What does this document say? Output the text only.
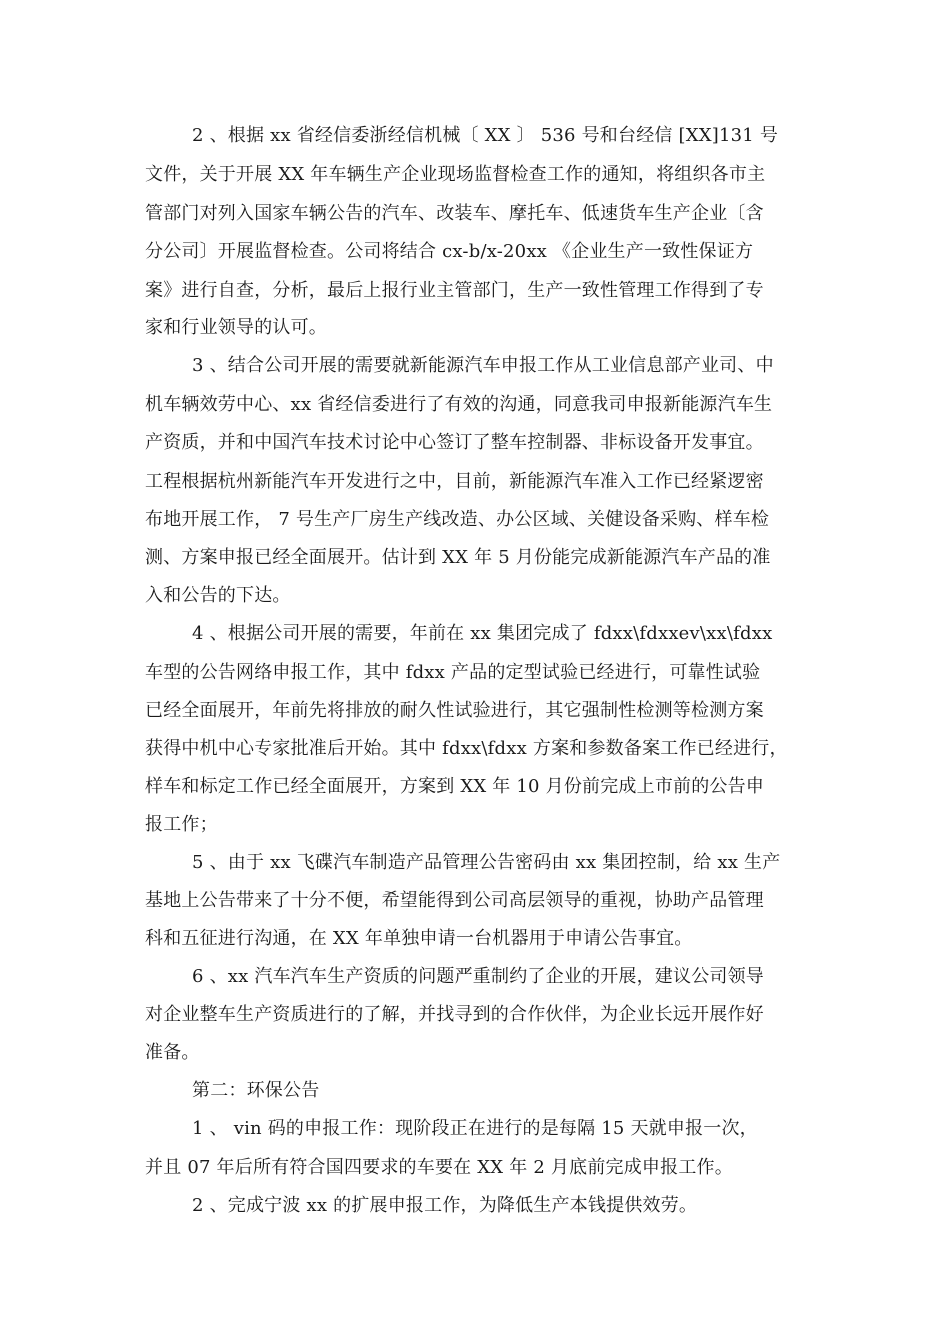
2 、根据 xx 省经信委浙经信机械〔 XX 〕 536 号和台经信 [XX]131 号
文件，关于开展 XX 年车辆生产企业现场监督检查工作的通知，将组织各市主
管部门对列入国家车辆公告的汽车、改装车、摩托车、低速货车生产企业〔含
分公司〕开展监督检查。公司将结合 cx-b/x-20xx 《企业生产一致性保证方
案》进行自查，分析，最后上报行业主管部门，生产一致性管理工作得到了专
家和行业领导的认可。
3 、结合公司开展的需要就新能源汽车申报工作从工业信息部产业司、中
机车辆效劳中心、xx 省经信委进行了有效的沟通，同意我司申报新能源汽车生
产资质，并和中国汽车技术讨论中心签订了整车控制器、非标设备开发事宜。
工程根据杭州新能汽车开发进行之中，目前，新能源汽车准入工作已经紧逻密
布地开展工作， 7 号生产厂房生产线改造、办公区域、关健设备采购、样车检
测、方案申报已经全面展开。估计到 XX 年 5 月份能完成新能源汽车产品的准
入和公告的下达。
4 、根据公司开展的需要，年前在 xx 集团完成了 fdxx\fdxxev\xx\fdxx
车型的公告网络申报工作，其中 fdxx 产品的定型试验已经进行，可靠性试验
已经全面展开，年前先将排放的耐久性试验进行，其它强制性检测等检测方案
获得中机中心专家批准后开始。其中 fdxx\fdxx 方案和参数备案工作已经进行，
样车和标定工作已经全面展开，方案到 XX 年 10 月份前完成上市前的公告申
报工作；
5 、由于 xx 飞碟汽车制造产品管理公告密码由 xx 集团控制，给 xx 生产
基地上公告带来了十分不便，希望能得到公司高层领导的重视，协助产品管理
科和五征进行沟通，在 XX 年单独申请一台机器用于申请公告事宜。
6 、xx 汽车汽车生产资质的问题严重制约了企业的开展，建议公司领导
对企业整车生产资质进行的了解，并找寻到的合作伙伴，为企业长远开展作好
准备。
第二：环保公告
1 、 vin 码的申报工作：现阶段正在进行的是每隔 15 天就申报一次，
并且 07 年后所有符合国四要求的车要在 XX 年 2 月底前完成申报工作。
2 、完成宁波 xx 的扩展申报工作，为降低生产本钱提供效劳。
